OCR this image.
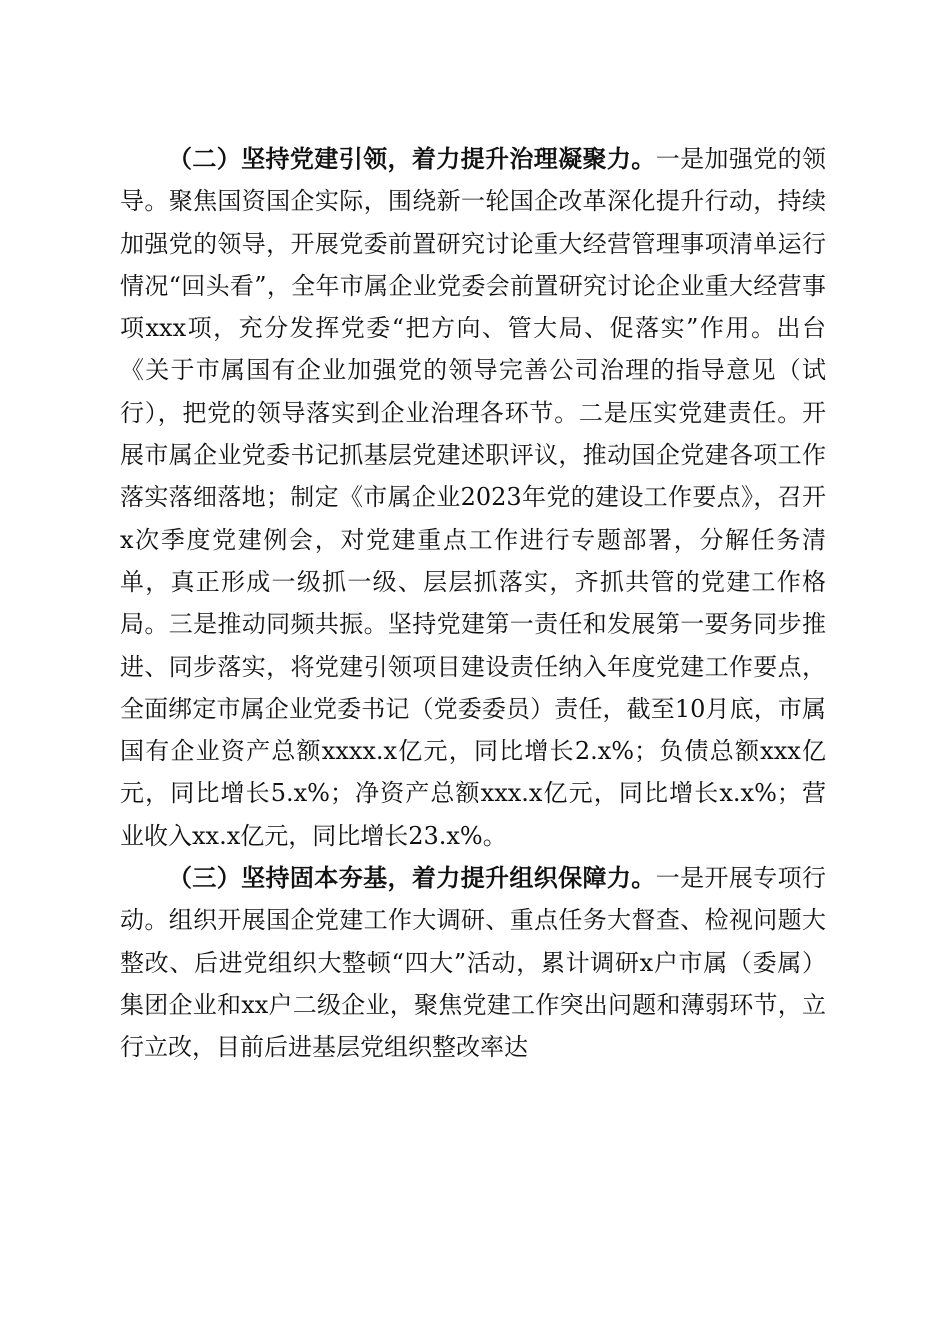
（二）坚持党建引领，着力提升治理凝聚力。一是加强党的领导。聚焦国资国企实际，围绕新一轮国企改革深化提升行动，持续加强党的领导，开展党委前置研究讨论重大经营管理事项清单运行情况“回头看”，全年市属企业党委会前置研究讨论企业重大经营事项xxx项，充分发挥党委“把方向、管大局、促落实”作用。出台《关于市属国有企业加强党的领导完善公司治理的指导意见（试行），把党的领导落实到企业治理各环节。二是压实党建责任。开展市属企业党委书记抓基层党建述职评议，推动国企党建各项工作落实落细落地；制定《市属企业2023年党的建设工作要点》，召开x次季度党建例会，对党建重点工作进行专题部署，分解任务清单，真正形成一级抓一级、层层抓落实，齐抓共管的党建工作格局。三是推动同频共振。坚持党建第一责任和发展第一要务同步推进、同步落实，将党建引领项目建设责任纳入年度党建工作要点，全面绑定市属企业党委书记（党委委员）责任，截至10月底，市属国有企业资产总额xxxx.x亿元，同比增长2.x%；负债总额xxx亿元，同比增长5.x%；净资产总额xxx.x亿元，同比增长x.x%；营业收入xx.x亿元，同比增长23.x%。

（三）坚持固本夯基，着力提升组织保障力。一是开展专项行动。组织开展国企党建工作大调研、重点任务大督查、检视问题大整改、后进党组织大整顿“四大”活动，累计调研x户市属（委属）集团企业和xx户二级企业，聚焦党建工作突出问题和薄弱环节，立行立改，目前后进基层党组织整改率达
